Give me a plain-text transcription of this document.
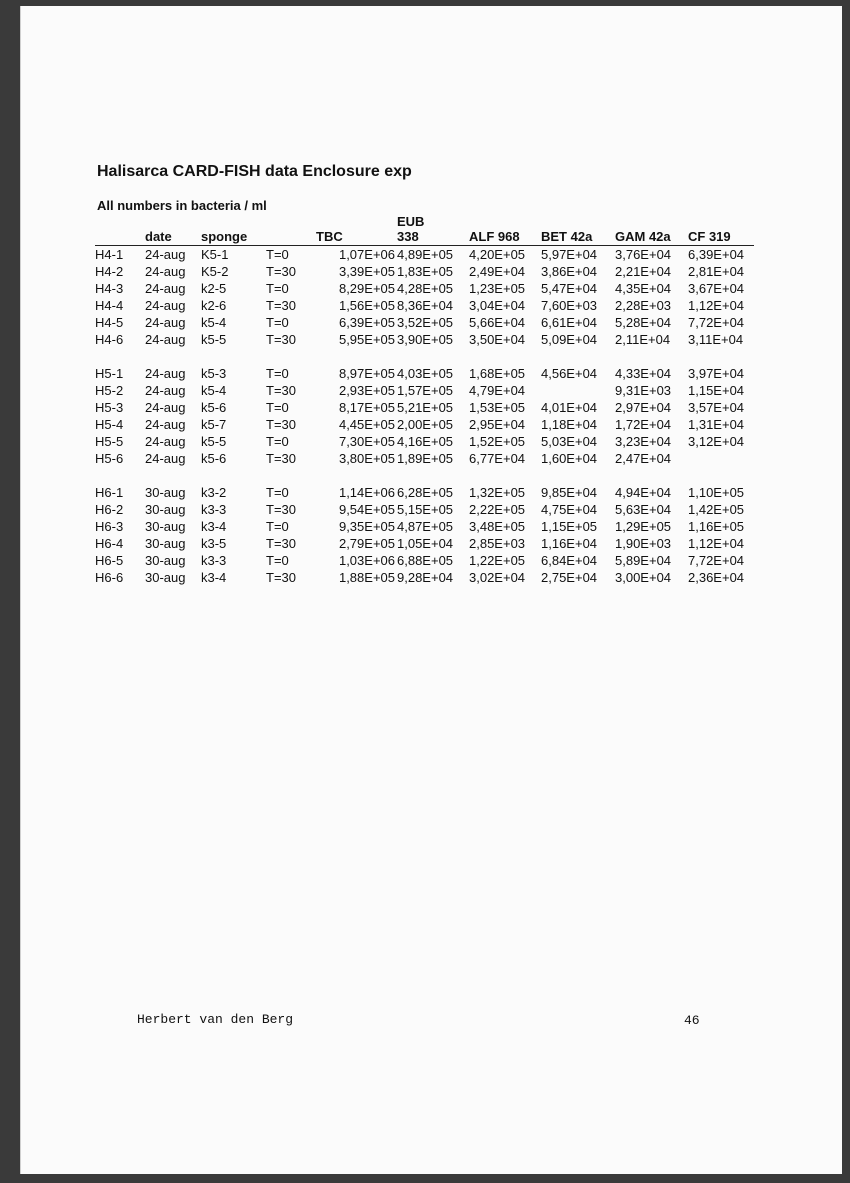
Halisarca CARD-FISH data Enclosure exp
All numbers in bacteria / ml
	date	sponge		TBC	EUB 338	ALF 968	BET 42a	GAM 42a	CF 319
H4-1	24-aug	K5-1	T=0	1,07E+06	4,89E+05	4,20E+05	5,97E+04	3,76E+04	6,39E+04
H4-2	24-aug	K5-2	T=30	3,39E+05	1,83E+05	2,49E+04	3,86E+04	2,21E+04	2,81E+04
H4-3	24-aug	k2-5	T=0	8,29E+05	4,28E+05	1,23E+05	5,47E+04	4,35E+04	3,67E+04
H4-4	24-aug	k2-6	T=30	1,56E+05	8,36E+04	3,04E+04	7,60E+03	2,28E+03	1,12E+04
H4-5	24-aug	k5-4	T=0	6,39E+05	3,52E+05	5,66E+04	6,61E+04	5,28E+04	7,72E+04
H4-6	24-aug	k5-5	T=30	5,95E+05	3,90E+05	3,50E+04	5,09E+04	2,11E+04	3,11E+04

H5-1	24-aug	k5-3	T=0	8,97E+05	4,03E+05	1,68E+05	4,56E+04	4,33E+04	3,97E+04
H5-2	24-aug	k5-4	T=30	2,93E+05	1,57E+05	4,79E+04		9,31E+03	1,15E+04
H5-3	24-aug	k5-6	T=0	8,17E+05	5,21E+05	1,53E+05	4,01E+04	2,97E+04	3,57E+04
H5-4	24-aug	k5-7	T=30	4,45E+05	2,00E+05	2,95E+04	1,18E+04	1,72E+04	1,31E+04
H5-5	24-aug	k5-5	T=0	7,30E+05	4,16E+05	1,52E+05	5,03E+04	3,23E+04	3,12E+04
H5-6	24-aug	k5-6	T=30	3,80E+05	1,89E+05	6,77E+04	1,60E+04	2,47E+04	

H6-1	30-aug	k3-2	T=0	1,14E+06	6,28E+05	1,32E+05	9,85E+04	4,94E+04	1,10E+05
H6-2	30-aug	k3-3	T=30	9,54E+05	5,15E+05	2,22E+05	4,75E+04	5,63E+04	1,42E+05
H6-3	30-aug	k3-4	T=0	9,35E+05	4,87E+05	3,48E+05	1,15E+05	1,29E+05	1,16E+05
H6-4	30-aug	k3-5	T=30	2,79E+05	1,05E+04	2,85E+03	1,16E+04	1,90E+03	1,12E+04
H6-5	30-aug	k3-3	T=0	1,03E+06	6,88E+05	1,22E+05	6,84E+04	5,89E+04	7,72E+04
H6-6	30-aug	k3-4	T=30	1,88E+05	9,28E+04	3,02E+04	2,75E+04	3,00E+04	2,36E+04
Herbert van den Berg	46
